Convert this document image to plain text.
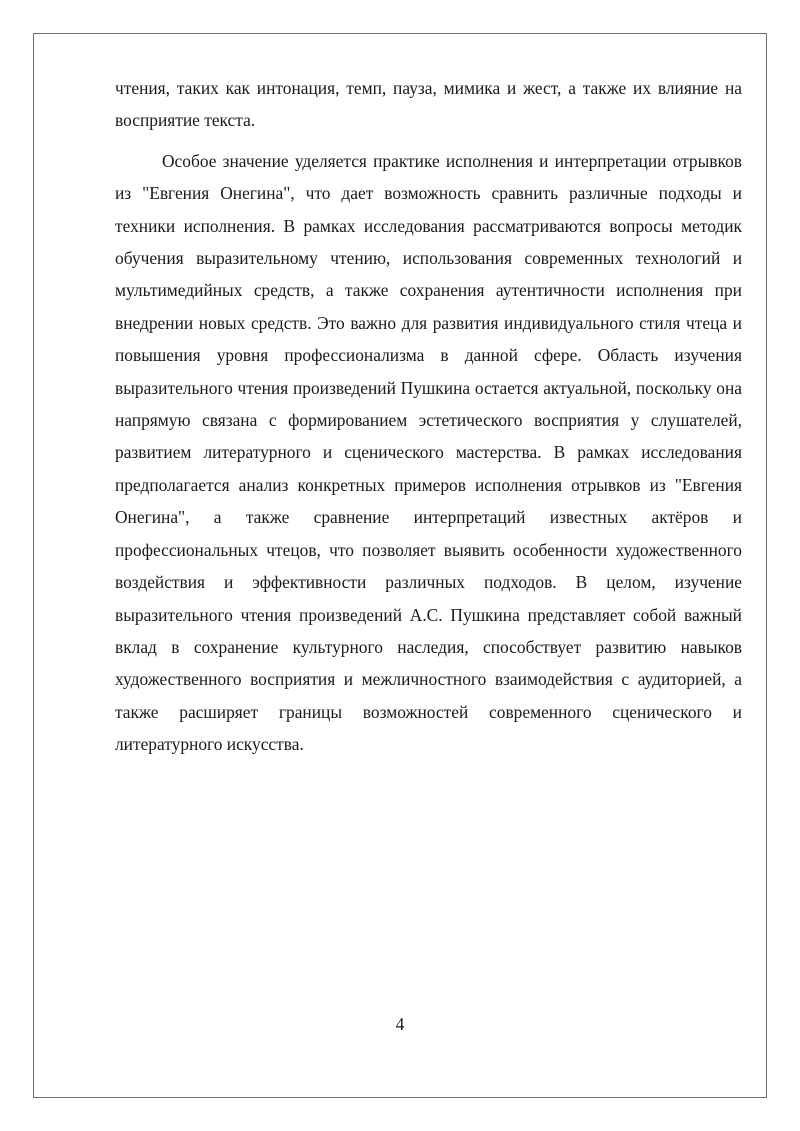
чтения, таких как интонация, темп, пауза, мимика и жест, а также их влияние на восприятие текста.

Особое значение уделяется практике исполнения и интерпретации отрывков из "Евгения Онегина", что дает возможность сравнить различные подходы и техники исполнения. В рамках исследования рассматриваются вопросы методик обучения выразительному чтению, использования современных технологий и мультимедийных средств, а также сохранения аутентичности исполнения при внедрении новых средств. Это важно для развития индивидуального стиля чтеца и повышения уровня профессионализма в данной сфере. Область изучения выразительного чтения произведений Пушкина остается актуальной, поскольку она напрямую связана с формированием эстетического восприятия у слушателей, развитием литературного и сценического мастерства. В рамках исследования предполагается анализ конкретных примеров исполнения отрывков из "Евгения Онегина", а также сравнение интерпретаций известных актёров и профессиональных чтецов, что позволяет выявить особенности художественного воздействия и эффективности различных подходов. В целом, изучение выразительного чтения произведений А.С. Пушкина представляет собой важный вклад в сохранение культурного наследия, способствует развитию навыков художественного восприятия и межличностного взаимодействия с аудиторией, а также расширяет границы возможностей современного сценического и литературного искусства.

4
